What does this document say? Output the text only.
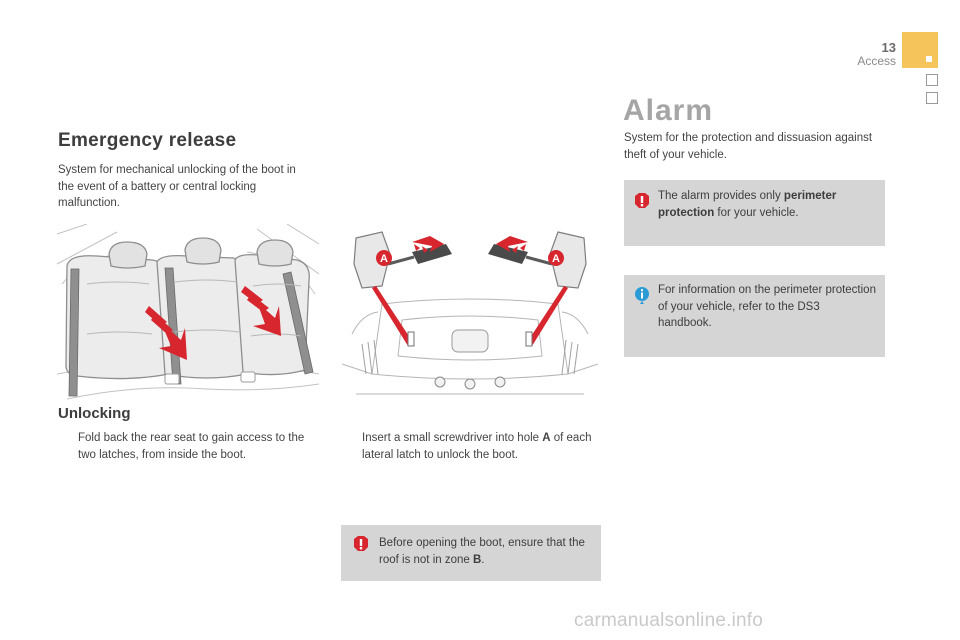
13
Access
Emergency release

System for mechanical unlocking of the boot in the event of a battery or central locking malfunction.

A	A
Unlocking
Fold back the rear seat to gain access to the two latches, from inside the boot.
Insert a small screwdriver into hole A of each lateral latch to unlock the boot.
Before opening the boot, ensure that the roof is not in zone B.
Alarm

System for the protection and dissuasion against theft of your vehicle.

The alarm provides only perimeter protection for your vehicle.
For information on the perimeter protection of your vehicle, refer to the DS3 handbook.
carmanualsonline.info
